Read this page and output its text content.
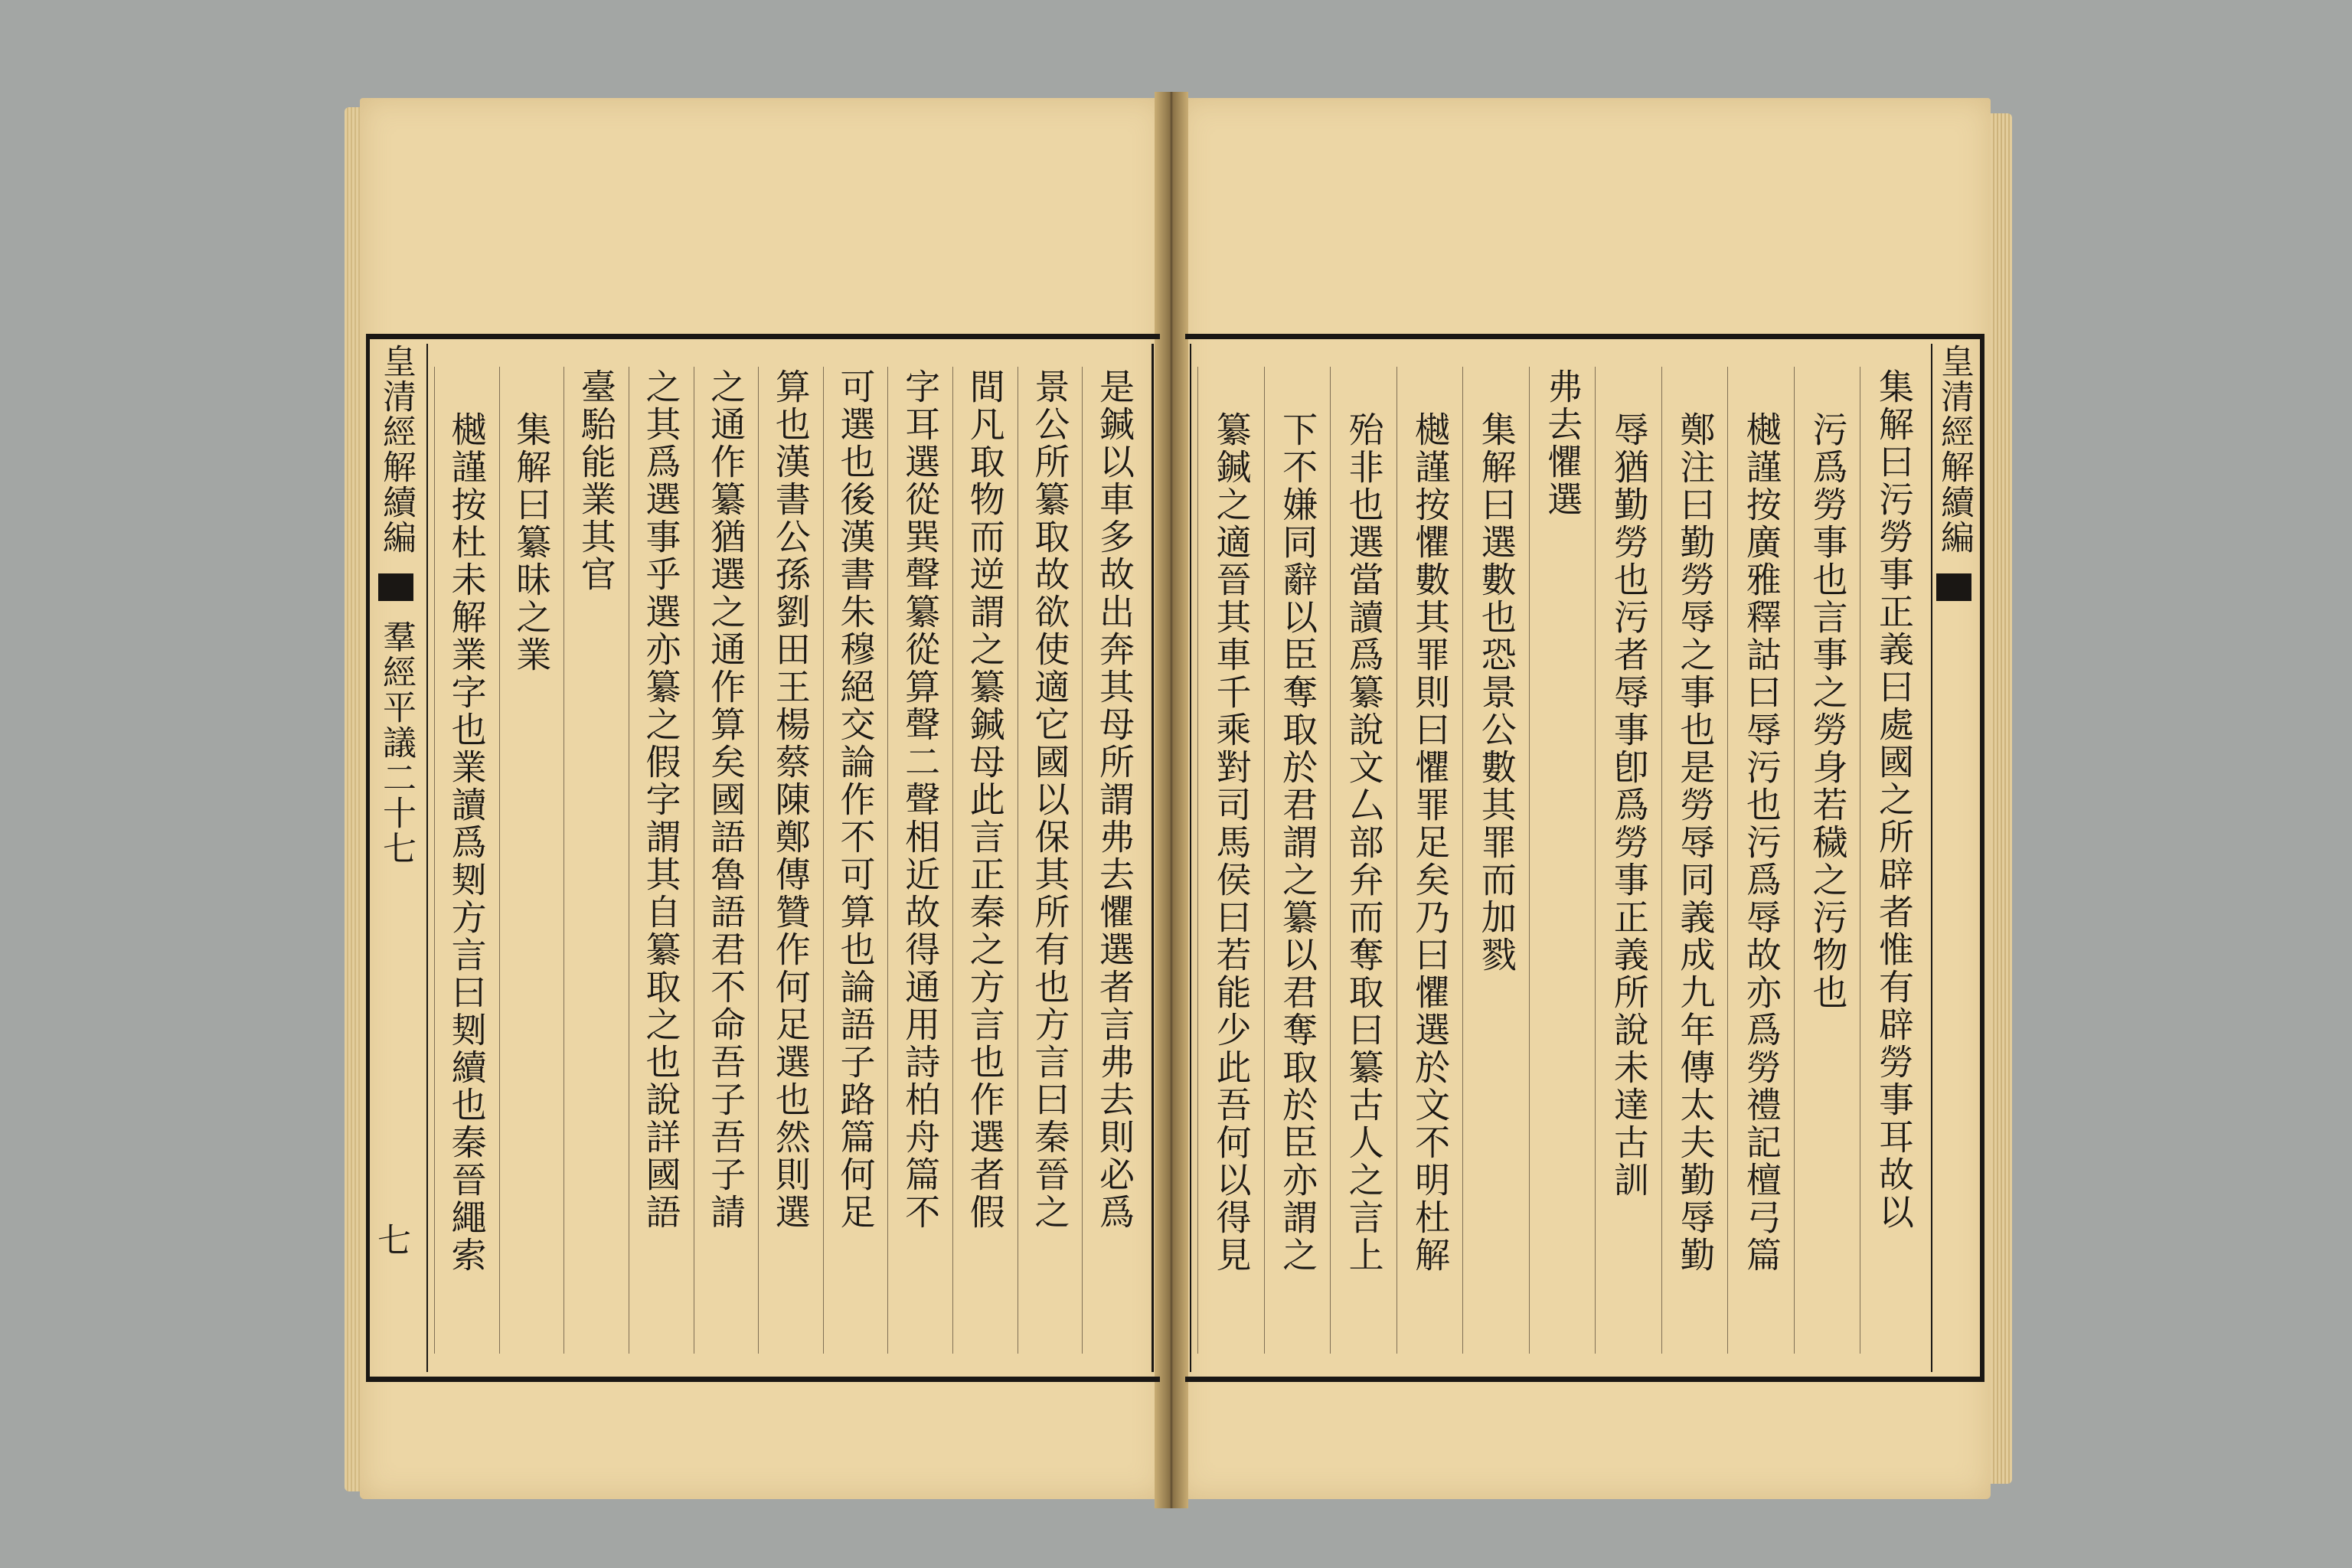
皇清經解續編  羣經平議二十七
七
是鍼以車多故出奔其母所謂弗去懼選者言弗去則必爲
景公所纂取故欲使適它國以保其所有也方言曰秦晉之
間凡取物而逆謂之纂鍼母此言正秦之方言也作選者假
字耳選從巽聲纂從算聲二聲相近故得通用詩柏舟篇不
可選也後漢書朱穆絕交論作不可算也論語子路篇何足
算也漢書公孫劉田王楊蔡陳鄭傳贊作何足選也然則選
之通作纂猶選之通作算矣國語魯語君不命吾子吾子請
之其爲選事乎選亦纂之假字謂其自纂取之也說詳國語
臺駘能業其官
集解曰纂昧之業
樾謹按杜未解業字也業讀爲㓶方言曰㓶續也秦晉繩索	皇清經解續編
集解曰污勞事正義曰處國之所辟者惟有辟勞事耳故以
污爲勞事也言事之勞身若穢之污物也
樾謹按廣雅釋詁曰辱污也污爲辱故亦爲勞禮記檀弓篇
鄭注曰勤勞辱之事也是勞辱同義成九年傳太夫勤辱勤
辱猶勤勞也污者辱事卽爲勞事正義所說未達古訓
弗去懼選
集解曰選數也恐景公數其罪而加戮
樾謹按懼數其罪則曰懼罪足矣乃曰懼選於文不明杜解
殆非也選當讀爲纂說文厶部弁而奪取曰纂古人之言上
下不嫌同辭以臣奪取於君謂之纂以君奪取於臣亦謂之
纂鍼之適晉其車千乘對司馬侯曰若能少此吾何以得見
